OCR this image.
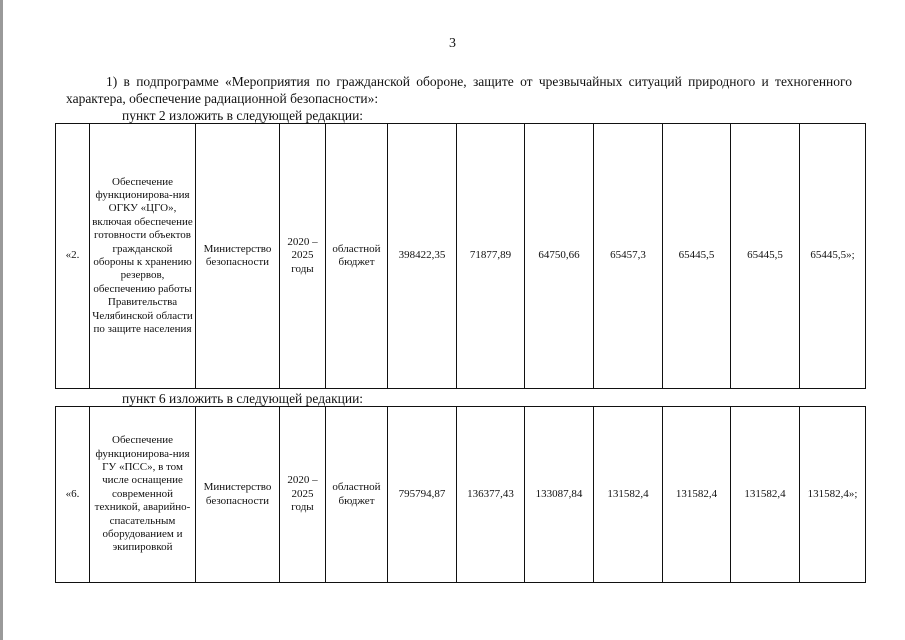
3
1) в подпрограмме «Мероприятия по гражданской обороне, защите от чрезвычайных ситуаций природного и техногенного характера, обеспечение радиационной безопасности»:
пункт 2 изложить в следующей редакции:
«2.	Обеспечение функционирова-ния ОГКУ «ЦГО», включая обеспечение готовности объектов гражданской обороны к хранению резервов, обеспечению работы Правительства Челябинской области по защите населения	Министерство безопасности	2020 – 2025 годы	областной бюджет	398422,35	71877,89	64750,66	65457,3	65445,5	65445,5	65445,5»;
пункт 6 изложить в следующей редакции:
«6.	Обеспечение функционирова-ния ГУ «ПСС», в том числе оснащение современной техникой, аварийно-спасательным оборудованием и экипировкой	Министерство безопасности	2020 – 2025 годы	областной бюджет	795794,87	136377,43	133087,84	131582,4	131582,4	131582,4	131582,4»;
